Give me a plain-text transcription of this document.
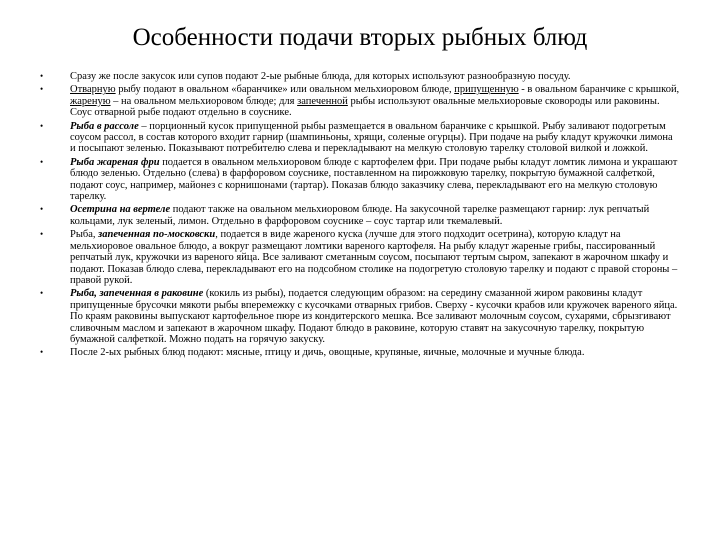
Особенности подачи вторых рыбных блюд
•	Сразу же после закусок или супов подают 2-ые рыбные блюда, для которых используют разнообразную посуду.
•	Отварную рыбу подают в овальном «баранчике» или овальном мельхиоровом блюде, припущенную - в овальном баранчике с крышкой, жареную – на овальном мельхиоровом блюде; для запеченной рыбы используют овальные мельхиоровые сковороды или раковины. Соус отварной рыбе подают отдельно в соуснике.
•	Рыба в рассоле – порционный кусок припущенной рыбы размещается в овальном баранчике с крышкой. Рыбу заливают подогретым соусом рассол, в состав которого входит гарнир (шампиньоны, хрящи, соленые огурцы). При подаче на рыбу кладут кружочки лимона и посыпают зеленью. Показывают потребителю слева и перекладывают на мелкую столовую тарелку столовой вилкой и ложкой.
•	Рыба жареная фри подается в овальном мельхиоровом блюде с картофелем фри. При подаче рыбы кладут ломтик лимона и украшают блюдо зеленью. Отдельно (слева) в фарфоровом соуснике, поставленном на пирожковую тарелку, покрытую бумажной салфеткой, подают соус, например, майонез с корнишонами (тартар). Показав блюдо заказчику слева, перекладывают его на мелкую столовую тарелку.
•	Осетрина на вертеле подают также на овальном мельхиоровом блюде. На закусочной тарелке размещают гарнир: лук репчатый кольцами, лук зеленый, лимон. Отдельно в фарфоровом соуснике – соус тартар или ткемалевый.
•	Рыба, запеченная по-московски, подается в виде жареного куска (лучше для этого подходит осетрина), которую кладут на мельхиоровое овальное блюдо, а вокруг размещают ломтики вареного картофеля. На рыбу кладут жареные грибы, пассированный репчатый лук, кружочки из вареного яйца. Все заливают сметанным соусом, посыпают тертым сыром, запекают в жарочном шкафу и подают. Показав блюдо слева, перекладывают его на подсобном столике на подогретую столовую тарелку и подают с правой стороны – правой рукой.
•	Рыба, запеченная в раковине (кокиль из рыбы), подается следующим образом: на середину смазанной жиром раковины кладут припущенные брусочки мякоти рыбы вперемежку с кусочками отварных грибов. Сверху - кусочки крабов или кружочек вареного яйца. По краям раковины выпускают картофельное пюре из кондитерского мешка. Все заливают молочным соусом, сухарями, сбрызгивают сливочным маслом и запекают в жарочном шкафу. Подают блюдо в раковине, которую ставят на закусочную тарелку, покрытую бумажной салфеткой. Можно подать на горячую закуску.
•	После 2-ых рыбных блюд подают: мясные, птицу и дичь, овощные, крупяные, яичные, молочные и мучные блюда.
